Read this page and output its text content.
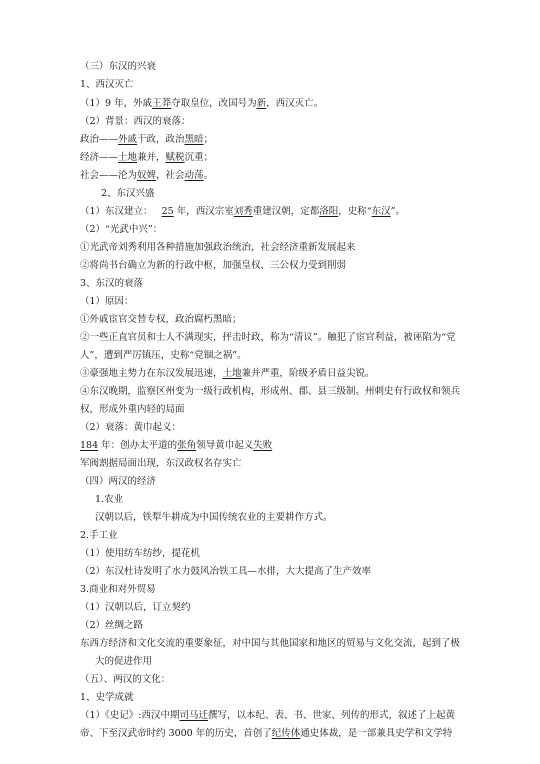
（三）东汉的兴衰
1、西汉灭亡
（1）9 年，外戚王莽夺取皇位，改国号为新，西汉灭亡。
（2）背景：西汉的衰落：
政治——外戚干政，政治黑暗；
经济——土地兼并，赋税沉重；
社会——沦为奴婢，社会动荡。
2、东汉兴盛
（1）东汉建立： 25 年，西汉宗室刘秀重建汉朝，定都洛阳，史称“东汉”。
（2）“光武中兴”：
①光武帝刘秀利用各种措施加强政治统治，社会经济重新发展起来
②将尚书台确立为新的行政中枢，加强皇权，三公权力受到削弱
3、东汉的衰落
（1）原因：
①外戚宦官交替专权，政治腐朽黑暗；
②一些正直官员和士人不满现实，抨击时政，称为“清议”。触犯了宦官利益，被诬陷为“党
人”，遭到严厉镇压，史称“党锢之祸”。
③豪强地主势力在东汉发展迅速，土地兼并严重，阶级矛盾日益尖锐。
④东汉晚期，监察区州变为一级行政机构，形成州、郡、县三级制。州刺史有行政权和领兵
权，形成外重内轻的局面
（2）衰落：黄巾起义：
184 年：创办太平道的张角领导黄巾起义失败
军阀割据局面出现，东汉政权名存实亡
（四）两汉的经济
1.农业
汉朝以后，铁犁牛耕成为中国传统农业的主要耕作方式。
2.手工业
（1）使用纺车纺纱，提花机
（2）东汉杜诗发明了水力鼓风冶铁工具—水排，大大提高了生产效率
3.商业和对外贸易
（1）汉朝以后，订立契约
（2）丝绸之路
东西方经济和文化交流的重要象征，对中国与其他国家和地区的贸易与文化交流，起到了极
大的促进作用
（五）、两汉的文化：
1、史学成就
（1）《史记》:西汉中期司马迁撰写，以本纪、表、书、世家、列传的形式，叙述了上起黄
帝、下至汉武帝时约 3000 年的历史，首创了纪传体通史体裁，是一部兼具史学和文学特
